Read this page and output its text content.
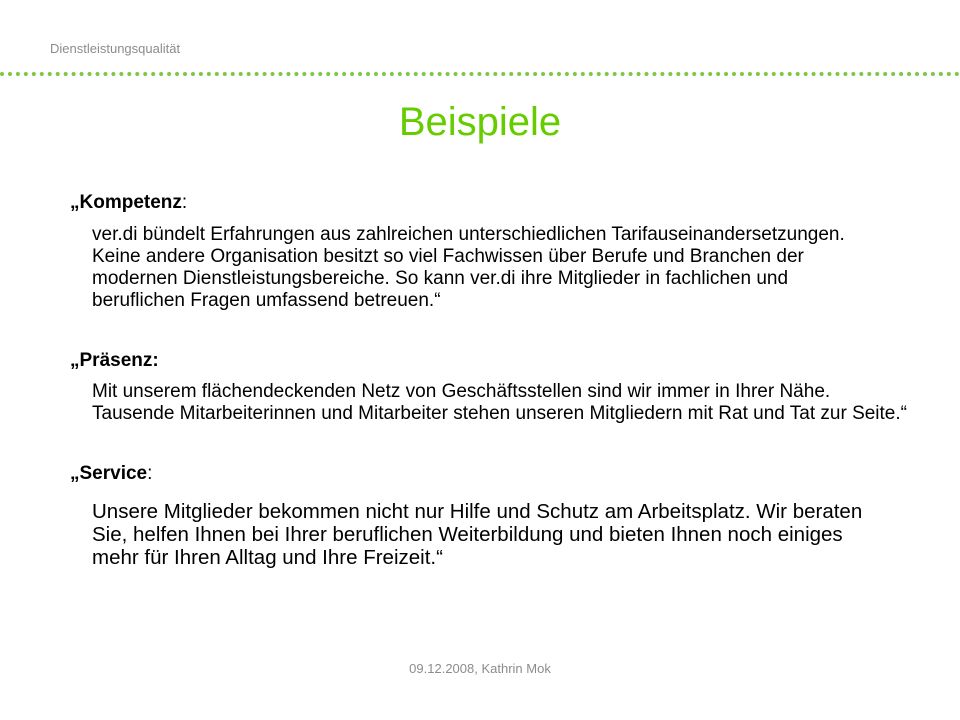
Dienstleistungsqualität
Beispiele
„Kompetenz:
ver.di bündelt Erfahrungen aus zahlreichen unterschiedlichen Tarifauseinandersetzungen. Keine andere Organisation besitzt so viel Fachwissen über Berufe und Branchen der modernen Dienstleistungsbereiche. So kann ver.di ihre Mitglieder in fachlichen und beruflichen Fragen umfassend betreuen.“
„Präsenz:
Mit unserem flächendeckenden Netz von Geschäftsstellen sind wir immer in Ihrer Nähe. Tausende Mitarbeiterinnen und Mitarbeiter stehen unseren Mitgliedern mit Rat und Tat zur Seite.“
„Service:
Unsere Mitglieder bekommen nicht nur Hilfe und Schutz am Arbeitsplatz. Wir beraten Sie, helfen Ihnen bei Ihrer beruflichen Weiterbildung und bieten Ihnen noch einiges mehr für Ihren Alltag und Ihre Freizeit.“
09.12.2008, Kathrin Mok
